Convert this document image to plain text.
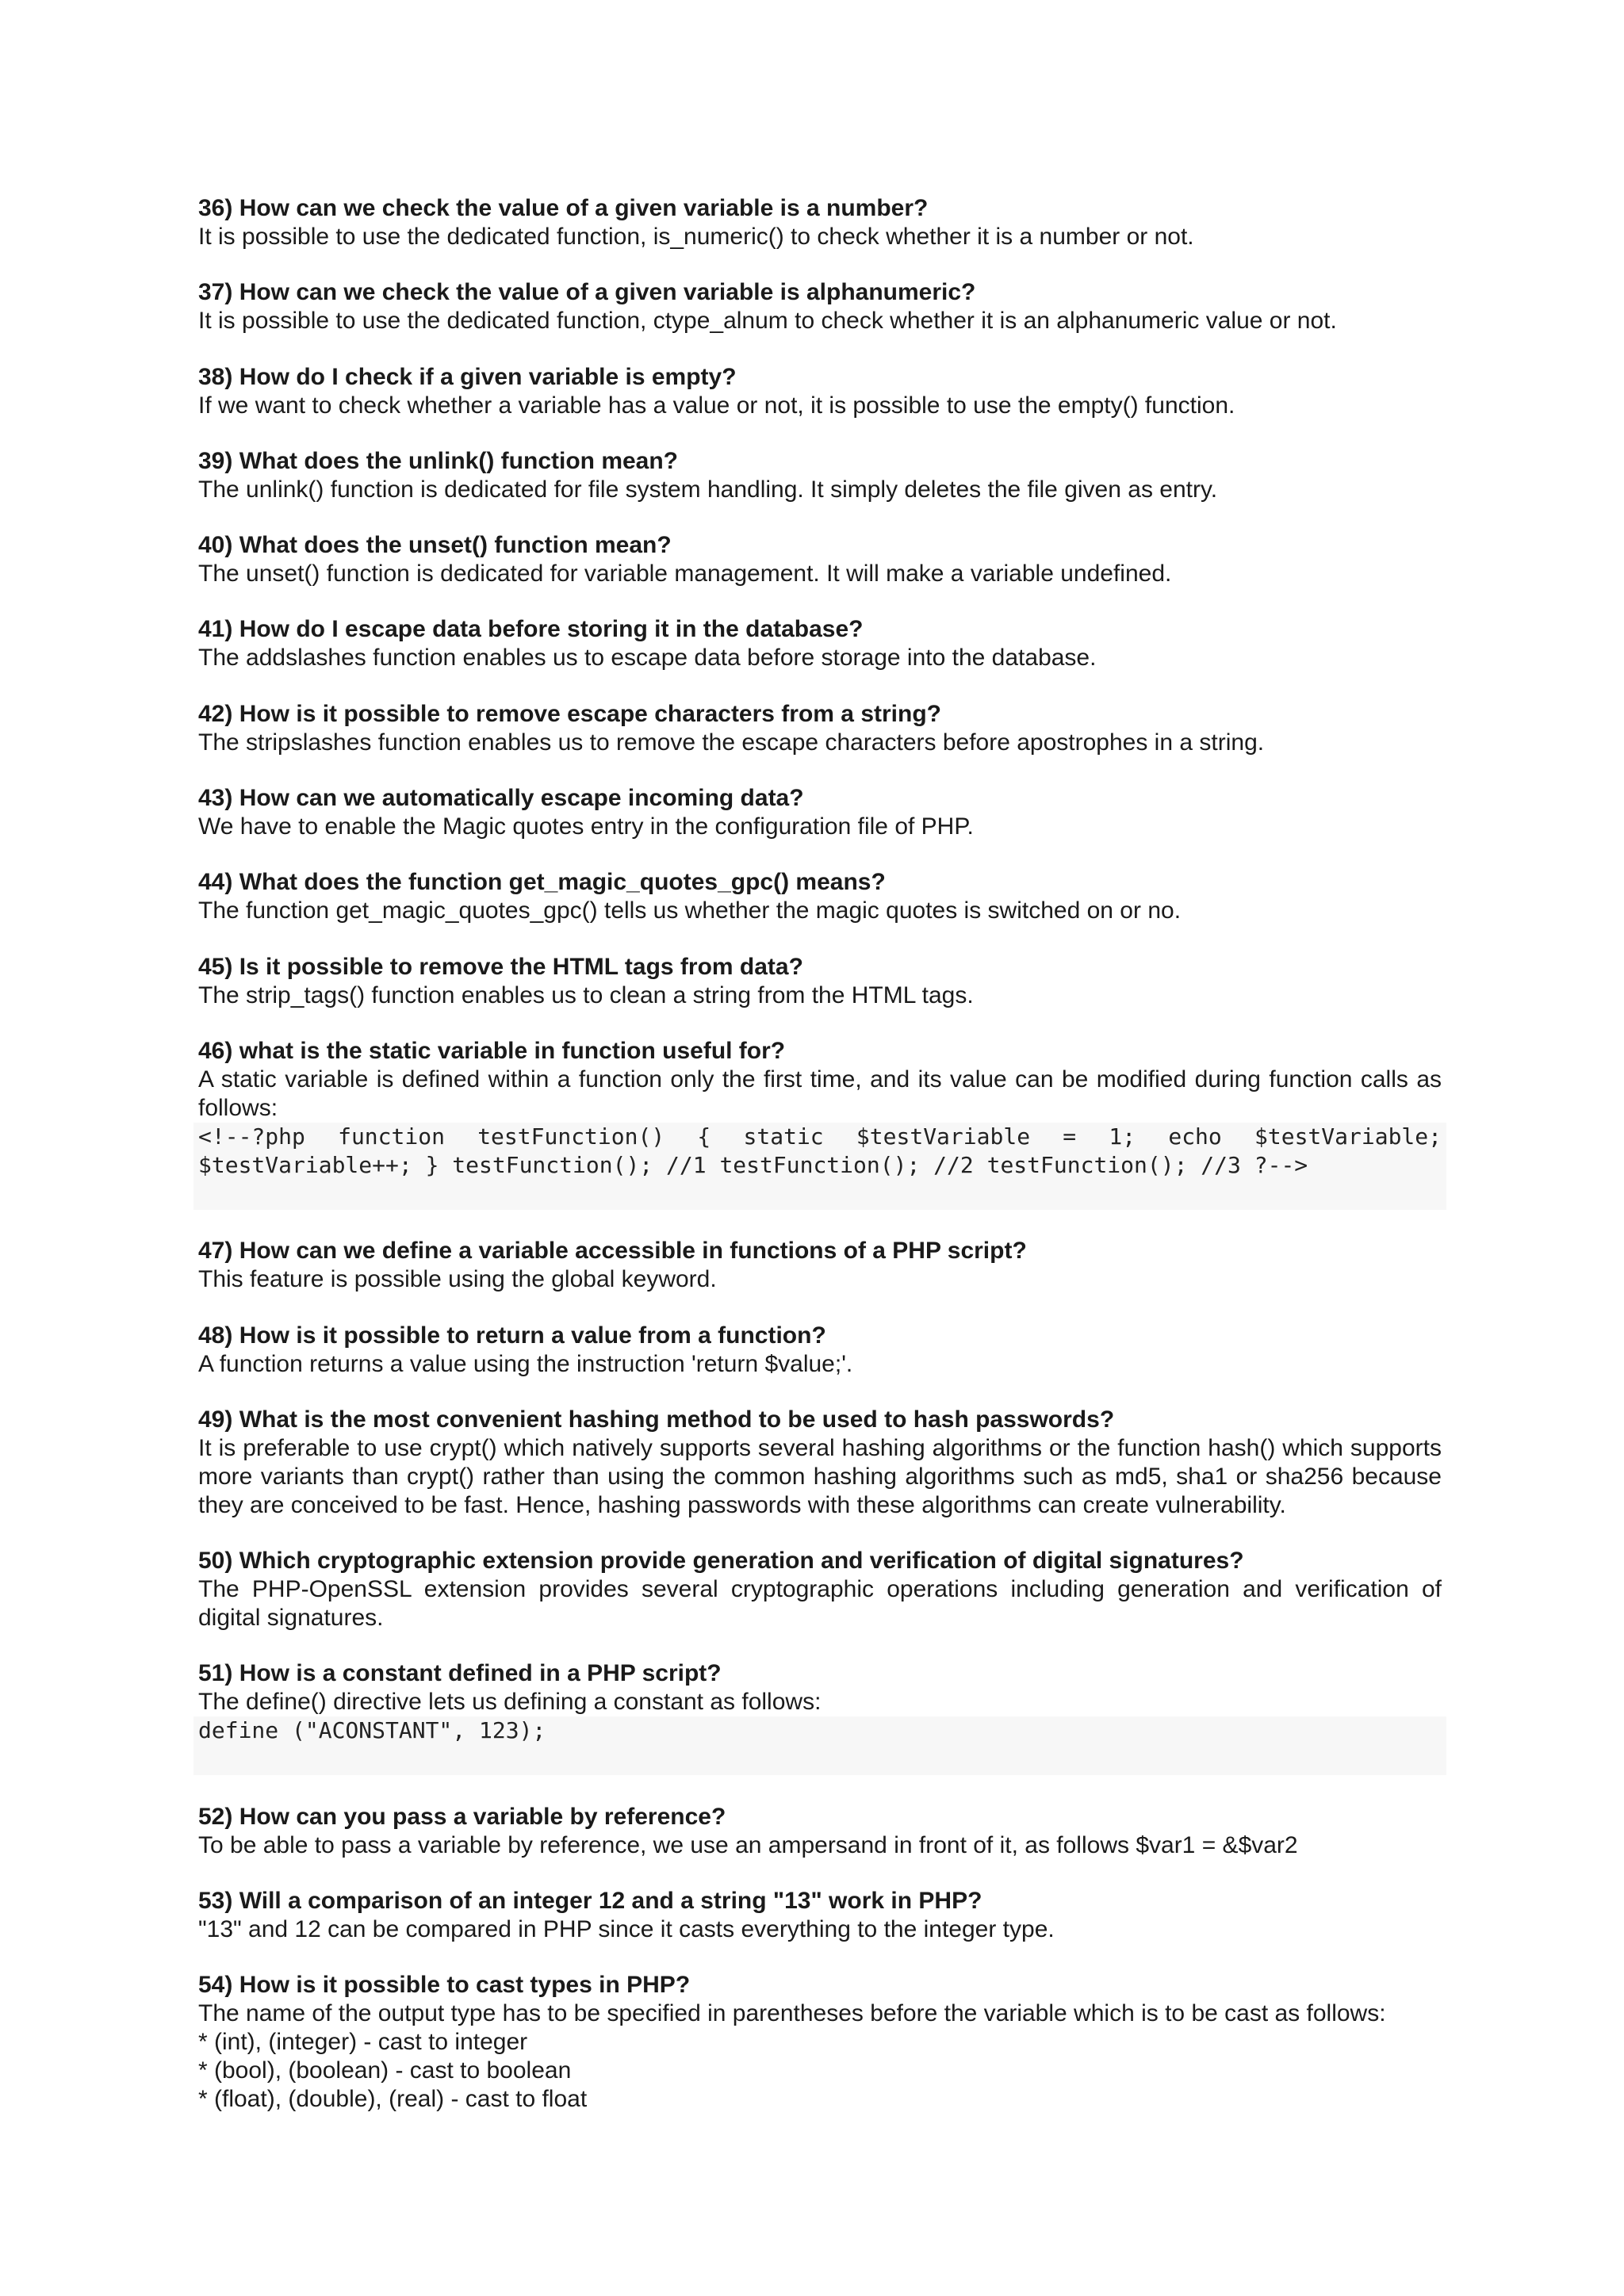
36) How can we check the value of a given variable is a number?

It is possible to use the dedicated function, is_numeric() to check whether it is a number or not.

37) How can we check the value of a given variable is alphanumeric?

It is possible to use the dedicated function, ctype_alnum to check whether it is an alphanumeric value or not.

38) How do I check if a given variable is empty?

If we want to check whether a variable has a value or not, it is possible to use the empty() function.

39) What does the unlink() function mean?

The unlink() function is dedicated for file system handling. It simply deletes the file given as entry.

40) What does the unset() function mean?

The unset() function is dedicated for variable management. It will make a variable undefined.

41) How do I escape data before storing it in the database?

The addslashes function enables us to escape data before storage into the database.

42) How is it possible to remove escape characters from a string?

The stripslashes function enables us to remove the escape characters before apostrophes in a string.

43) How can we automatically escape incoming data?

We have to enable the Magic quotes entry in the configuration file of PHP.

44) What does the function get_magic_quotes_gpc() means?

The function get_magic_quotes_gpc() tells us whether the magic quotes is switched on or no.

45) Is it possible to remove the HTML tags from data?

The strip_tags() function enables us to clean a string from the HTML tags.

46) what is the static variable in function useful for?

A static variable is defined within a function only the first time, and its value can be modified during function calls as follows:

<!--?php function testFunction() { static $testVariable = 1; echo $testVariable; $testVariable++; } testFunction(); //1 testFunction(); //2 testFunction(); //3 ?-->

47) How can we define a variable accessible in functions of a PHP script?

This feature is possible using the global keyword.

48) How is it possible to return a value from a function?

A function returns a value using the instruction 'return $value;'.

49) What is the most convenient hashing method to be used to hash passwords?

It is preferable to use crypt() which natively supports several hashing algorithms or the function hash() which supports more variants than crypt() rather than using the common hashing algorithms such as md5, sha1 or sha256 because they are conceived to be fast. Hence, hashing passwords with these algorithms can create vulnerability.

50) Which cryptographic extension provide generation and verification of digital signatures?

The PHP-OpenSSL extension provides several cryptographic operations including generation and verification of digital signatures.

51) How is a constant defined in a PHP script?

The define() directive lets us defining a constant as follows:

define ("ACONSTANT", 123);

52) How can you pass a variable by reference?

To be able to pass a variable by reference, we use an ampersand in front of it, as follows $var1 = &$var2

53) Will a comparison of an integer 12 and a string "13" work in PHP?

"13" and 12 can be compared in PHP since it casts everything to the integer type.

54) How is it possible to cast types in PHP?

The name of the output type has to be specified in parentheses before the variable which is to be cast as follows:

* (int), (integer) - cast to integer

* (bool), (boolean) - cast to boolean

* (float), (double), (real) - cast to float
